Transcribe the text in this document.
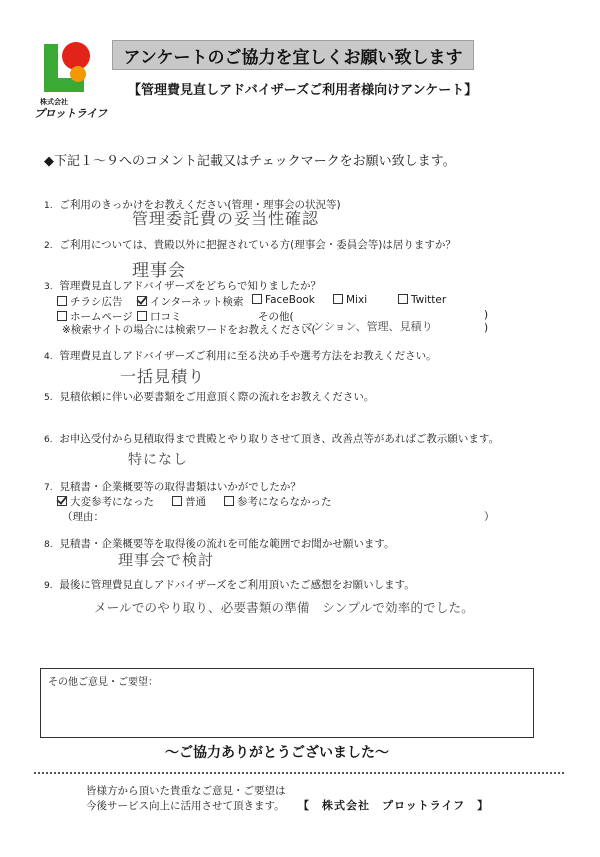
株式会社
プロットライフ
アンケートのご協力を宜しくお願い致します
【管理費見直しアドバイザーズご利用者様向けアンケート】
◆下記１～９へのコメント記載又はチェックマークをお願い致します。
1. ご利用のきっかけをお教えください(管理・理事会の状況等)
管理委託費の妥当性確認
2. ご利用については、貴殿以外に把握されている方(理事会・委員会等)は居りますか？
理事会
3. 管理費見直しアドバイザーズをどちらで知りましたか？
チラシ広告	インターネット検索	FaceBook	Mixi	Twitter
ホームページ	口コミ	その他(	)
※検索サイトの場合には検索ワードをお教えください(
マンション、管理、見積り	)
4. 管理費見直しアドバイザーズご利用に至る決め手や選考方法をお教えください。
一括見積り
5. 見積依頼に伴い必要書類をご用意頂く際の流れをお教えください。
6. お申込受付から見積取得まで貴殿とやり取りさせて頂き、改善点等があればご教示願います。
特になし
7. 見積書・企業概要等の取得書類はいかがでしたか？
大変参考になった	普通	参考にならなかった
（理由：	）
8. 見積書・企業概要等を取得後の流れを可能な範囲でお聞かせ願います。
理事会で検討
9. 最後に管理費見直しアドバイザーズをご利用頂いたご感想をお願いします。
メールでのやり取り、必要書類の準備　シンプルで効率的でした。
その他ご意見・ご要望：
～ご協力ありがとうございました～
皆様方から頂いた貴重なご意見・ご要望は
今後サービス向上に活用させて頂きます。 【　株式会社　プロットライフ　】
